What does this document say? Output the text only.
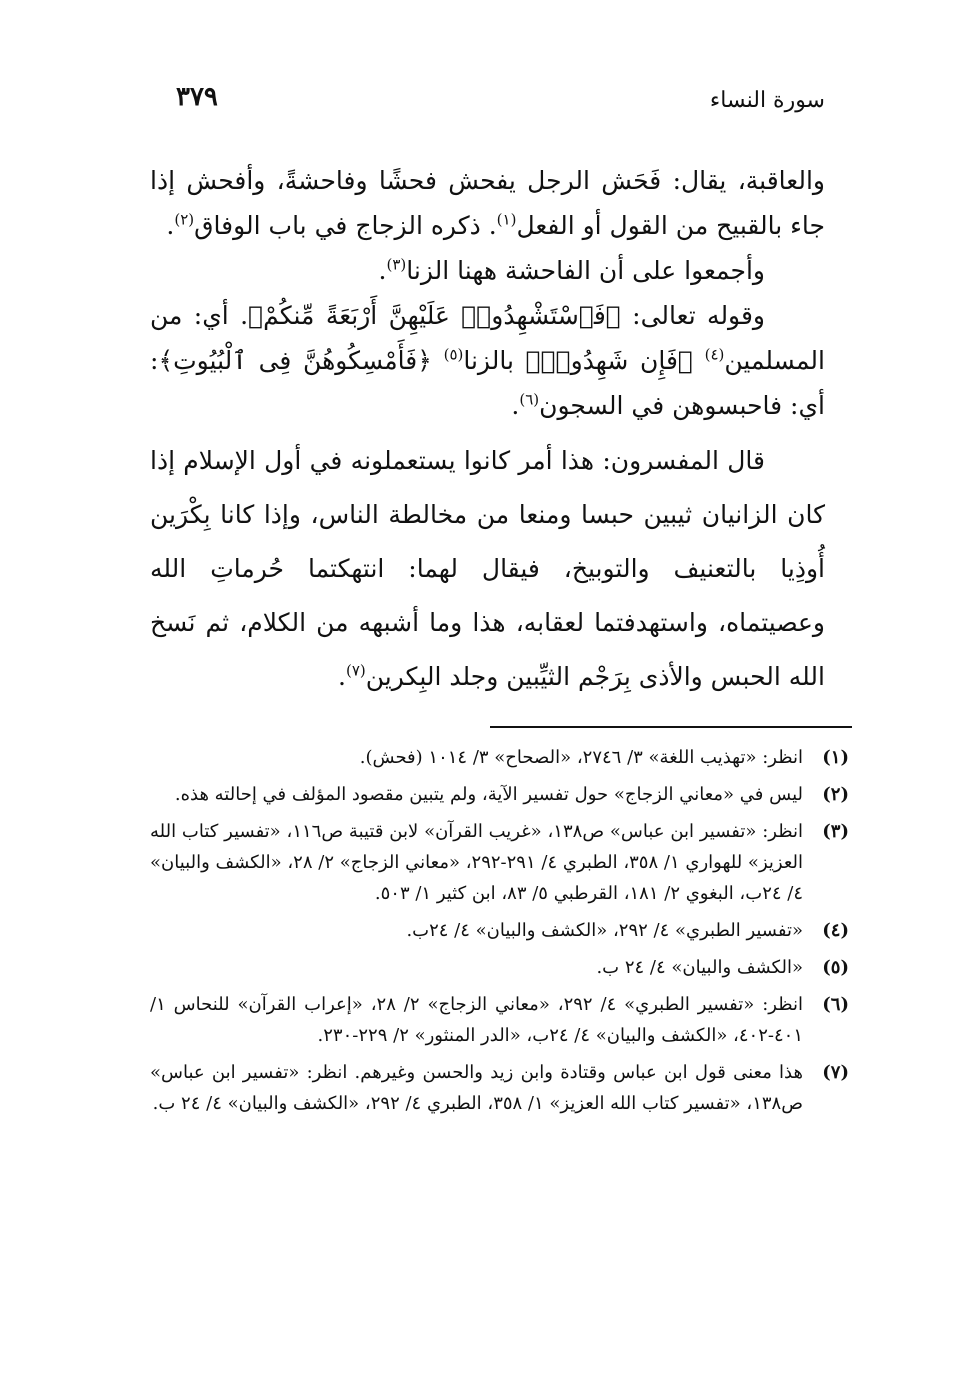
سورة النساء
٣٧٩

والعاقبة، يقال: فَحَش الرجل يفحش فحشًا وفاحشةً، وأفحش إذا جاء بالقبيح من القول أو الفعل$^{(١)}$. ذكره الزجاج في باب الوفاق$^{(٢)}$.

وأجمعوا على أن الفاحشة ههنا الزنا$^{(٣)}$.

وقوله تعالى: ﴿فَٱسْتَشْهِدُوا۟ عَلَيْهِنَّ أَرْبَعَةً مِّنكُمْ﴾. أي: من المسلمين$^{(٤)}$ ﴿فَإِن شَهِدُوا۟﴾ بالزنا$^{(٥)}$ ﴿فَأَمْسِكُوهُنَّ فِى ٱلْبُيُوتِ﴾: أي: فاحبسوهن في السجون$^{(٦)}$.

قال المفسرون: هذا أمر كانوا يستعملونه في أول الإسلام إذا كان الزانيان ثيبين حبسا ومنعا من مخالطة الناس، وإذا كانا بِكْرَين أُوذِيا بالتعنيف والتوبيخ، فيقال لهما: انتهكتما حُرماتِ الله وعصيتماه، واستهدفتما لعقابه، هذا وما أشبهه من الكلام، ثم نَسخ الله الحبس والأذى بِرَجْم الثيِّبين وجلد البِكرين$^{(٧)}$.

(١)
انظر: «تهذيب اللغة» ٣/ ٢٧٤٦، «الصحاح» ٣/ ١٠١٤ (فحش).
(٢)
ليس في «معاني الزجاج» حول تفسير الآية، ولم يتبين مقصود المؤلف في إحالته هذه.
(٣)
انظر: «تفسير ابن عباس» ص١٣٨، «غريب القرآن» لابن قتيبة ص١١٦، «تفسير كتاب الله العزيز» للهواري ١/ ٣٥٨، الطبري ٤/ ٢٩١-٢٩٢، «معاني الزجاج» ٢/ ٢٨، «الكشف والبيان» ٤/ ٢٤ب، البغوي ٢/ ١٨١، القرطبي ٥/ ٨٣، ابن كثير ١/ ٥٠٣.
(٤)
«تفسير الطبري» ٤/ ٢٩٢، «الكشف والبيان» ٤/ ٢٤ب.
(٥)
«الكشف والبيان» ٤/ ٢٤ ب.
(٦)
انظر: «تفسير الطبري» ٤/ ٢٩٢، «معاني الزجاج» ٢/ ٢٨، «إعراب القرآن» للنحاس ١/ ٤٠١-٤٠٢، «الكشف والبيان» ٤/ ٢٤ب، «الدر المنثور» ٢/ ٢٢٩-٢٣٠.
(٧)
هذا معنى قول ابن عباس وقتادة وابن زيد والحسن وغيرهم. انظر: «تفسير ابن عباس» ص١٣٨، «تفسير كتاب الله العزيز» ١/ ٣٥٨، الطبري ٤/ ٢٩٢، «الكشف والبيان» ٤/ ٢٤ ب.
